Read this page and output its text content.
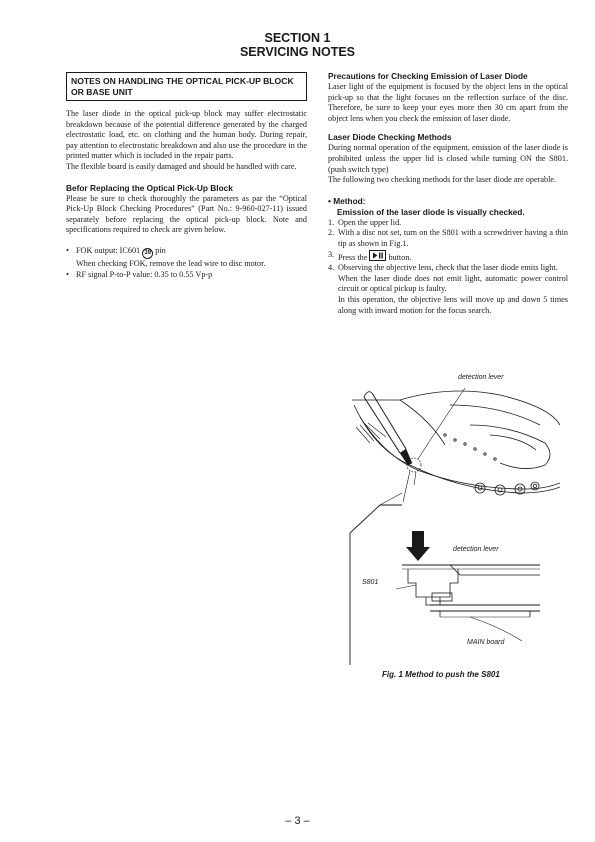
SECTION 1
SERVICING NOTES
NOTES ON HANDLING THE OPTICAL PICK-UP BLOCK OR BASE UNIT

The laser diode in the optical pick-up block may suffer electrostatic breakdown because of the potential difference generated by the charged electrostatic load, etc. on clothing and the human body. During repair, pay attention to electrostatic breakdown and also use the procedure in the printed matter which is included in the repair parts.

The flexible board is easily damaged and should be handled with care.

Befor Replacing the Optical Pick-Up Block

Please be sure to check thoroughly the parameters as par the “Optical Pick-Up Block Checking Procedures” (Part No.: 9-960-027-11) issued separately before replacing the optical pick-up block. Note and specifications required to check are given below.

• FOK output: IC601 39 pin
When checking FOK, remove the lead wire to disc motor.
• RF signal P-to-P value: 0.35 to 0.55 Vp-p
Precautions for Checking Emission of Laser Diode

Laser light of the equipment is focused by the object lens in the optical pick-up so that the light focuses on the reflection surface of the disc. Therefore, be sure to keep your eyes more then 30 cm apart from the object lens when you check the emission of laser diode.

Laser Diode Checking Methods

During normal operation of the equipment, emission of the laser diode is prohibited unless the upper lid is closed while turning ON the S801. (push switch type)

The following two checking methods for the laser diode are operable.

• Method:
Emission of the laser diode is visually checked.
1. Open the upper lid.
2. With a disc not set, turn on the S801 with a screwdriver having a thin tip as shown in Fig.1.
3. Press the	button.
4. Observing the objective lens, check that the laser diode emits light.
When the laser diode does not emit light, automatic power control circuit or optical pickup is faulty.
In this operation, the objective lens will move up and down 5 times along with inward motion for the focus search.
detection lever
detection lever
S801
MAIN board
Fig. 1 Method to push the S801
– 3 –
